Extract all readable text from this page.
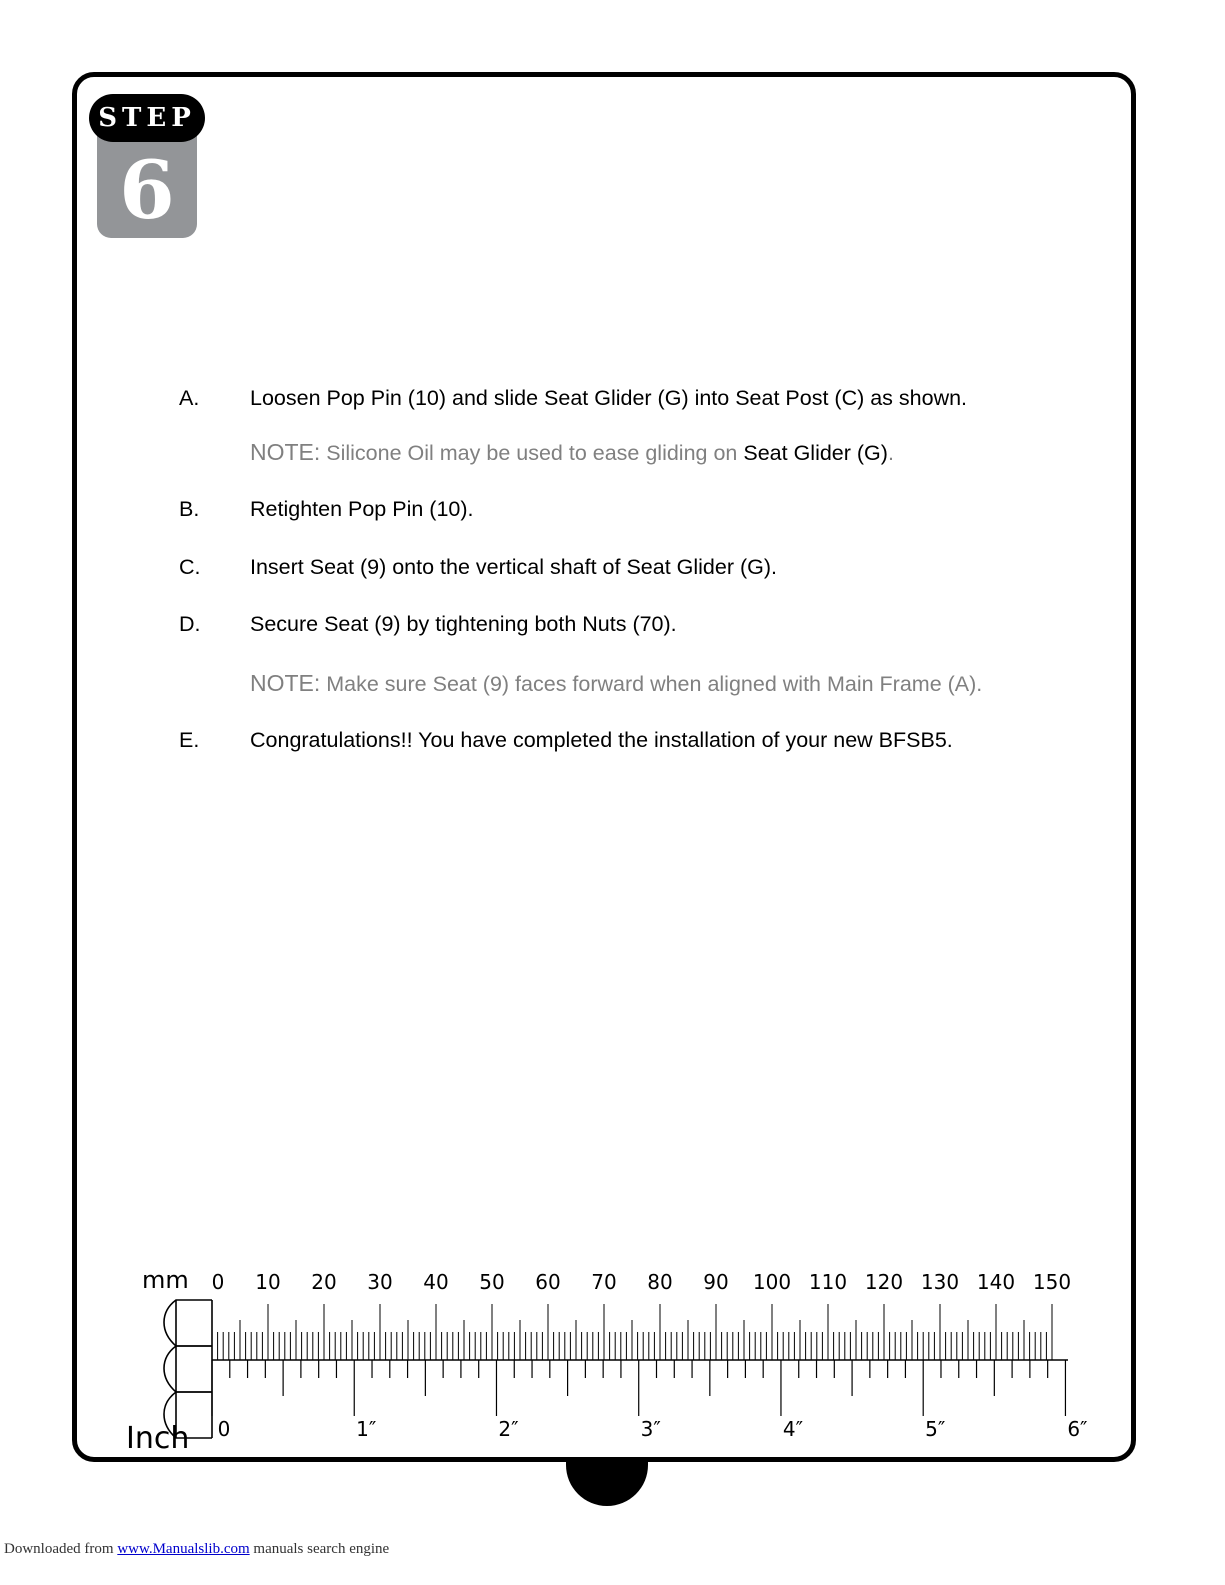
STEP
6
A. Loosen Pop Pin (10) and slide Seat Glider (G) into Seat Post (C) as shown.
NOTE: Silicone Oil may be used to ease gliding on Seat Glider (G).
B. Retighten Pop Pin (10).
C. Insert Seat (9) onto the vertical shaft of Seat Glider (G).
D. Secure Seat (9) by tightening both Nuts (70).
NOTE: Make sure Seat (9) faces forward when aligned with Main Frame (A).
E. Congratulations!! You have completed the installation of your new BFSB5.
mm
Inch
0 10 20 30 40 50 60 70 80 90 100 110 120 130 140 150
0	1″	2″	3″	4″	5″	6″
Downloaded from www.Manualslib.com manuals search engine
